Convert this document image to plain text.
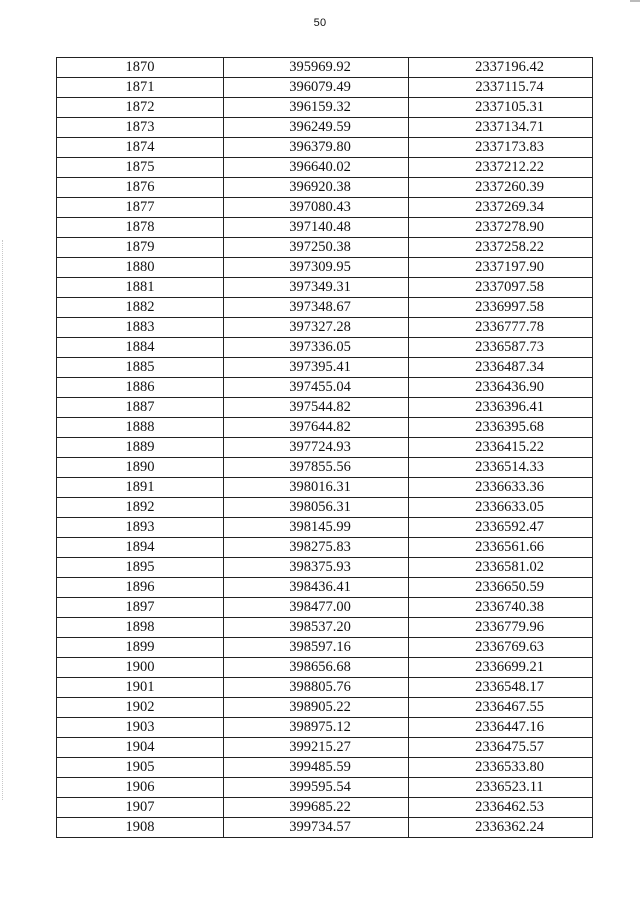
50
1870	395969.92	2337196.42
1871	396079.49	2337115.74
1872	396159.32	2337105.31
1873	396249.59	2337134.71
1874	396379.80	2337173.83
1875	396640.02	2337212.22
1876	396920.38	2337260.39
1877	397080.43	2337269.34
1878	397140.48	2337278.90
1879	397250.38	2337258.22
1880	397309.95	2337197.90
1881	397349.31	2337097.58
1882	397348.67	2336997.58
1883	397327.28	2336777.78
1884	397336.05	2336587.73
1885	397395.41	2336487.34
1886	397455.04	2336436.90
1887	397544.82	2336396.41
1888	397644.82	2336395.68
1889	397724.93	2336415.22
1890	397855.56	2336514.33
1891	398016.31	2336633.36
1892	398056.31	2336633.05
1893	398145.99	2336592.47
1894	398275.83	2336561.66
1895	398375.93	2336581.02
1896	398436.41	2336650.59
1897	398477.00	2336740.38
1898	398537.20	2336779.96
1899	398597.16	2336769.63
1900	398656.68	2336699.21
1901	398805.76	2336548.17
1902	398905.22	2336467.55
1903	398975.12	2336447.16
1904	399215.27	2336475.57
1905	399485.59	2336533.80
1906	399595.54	2336523.11
1907	399685.22	2336462.53
1908	399734.57	2336362.24
